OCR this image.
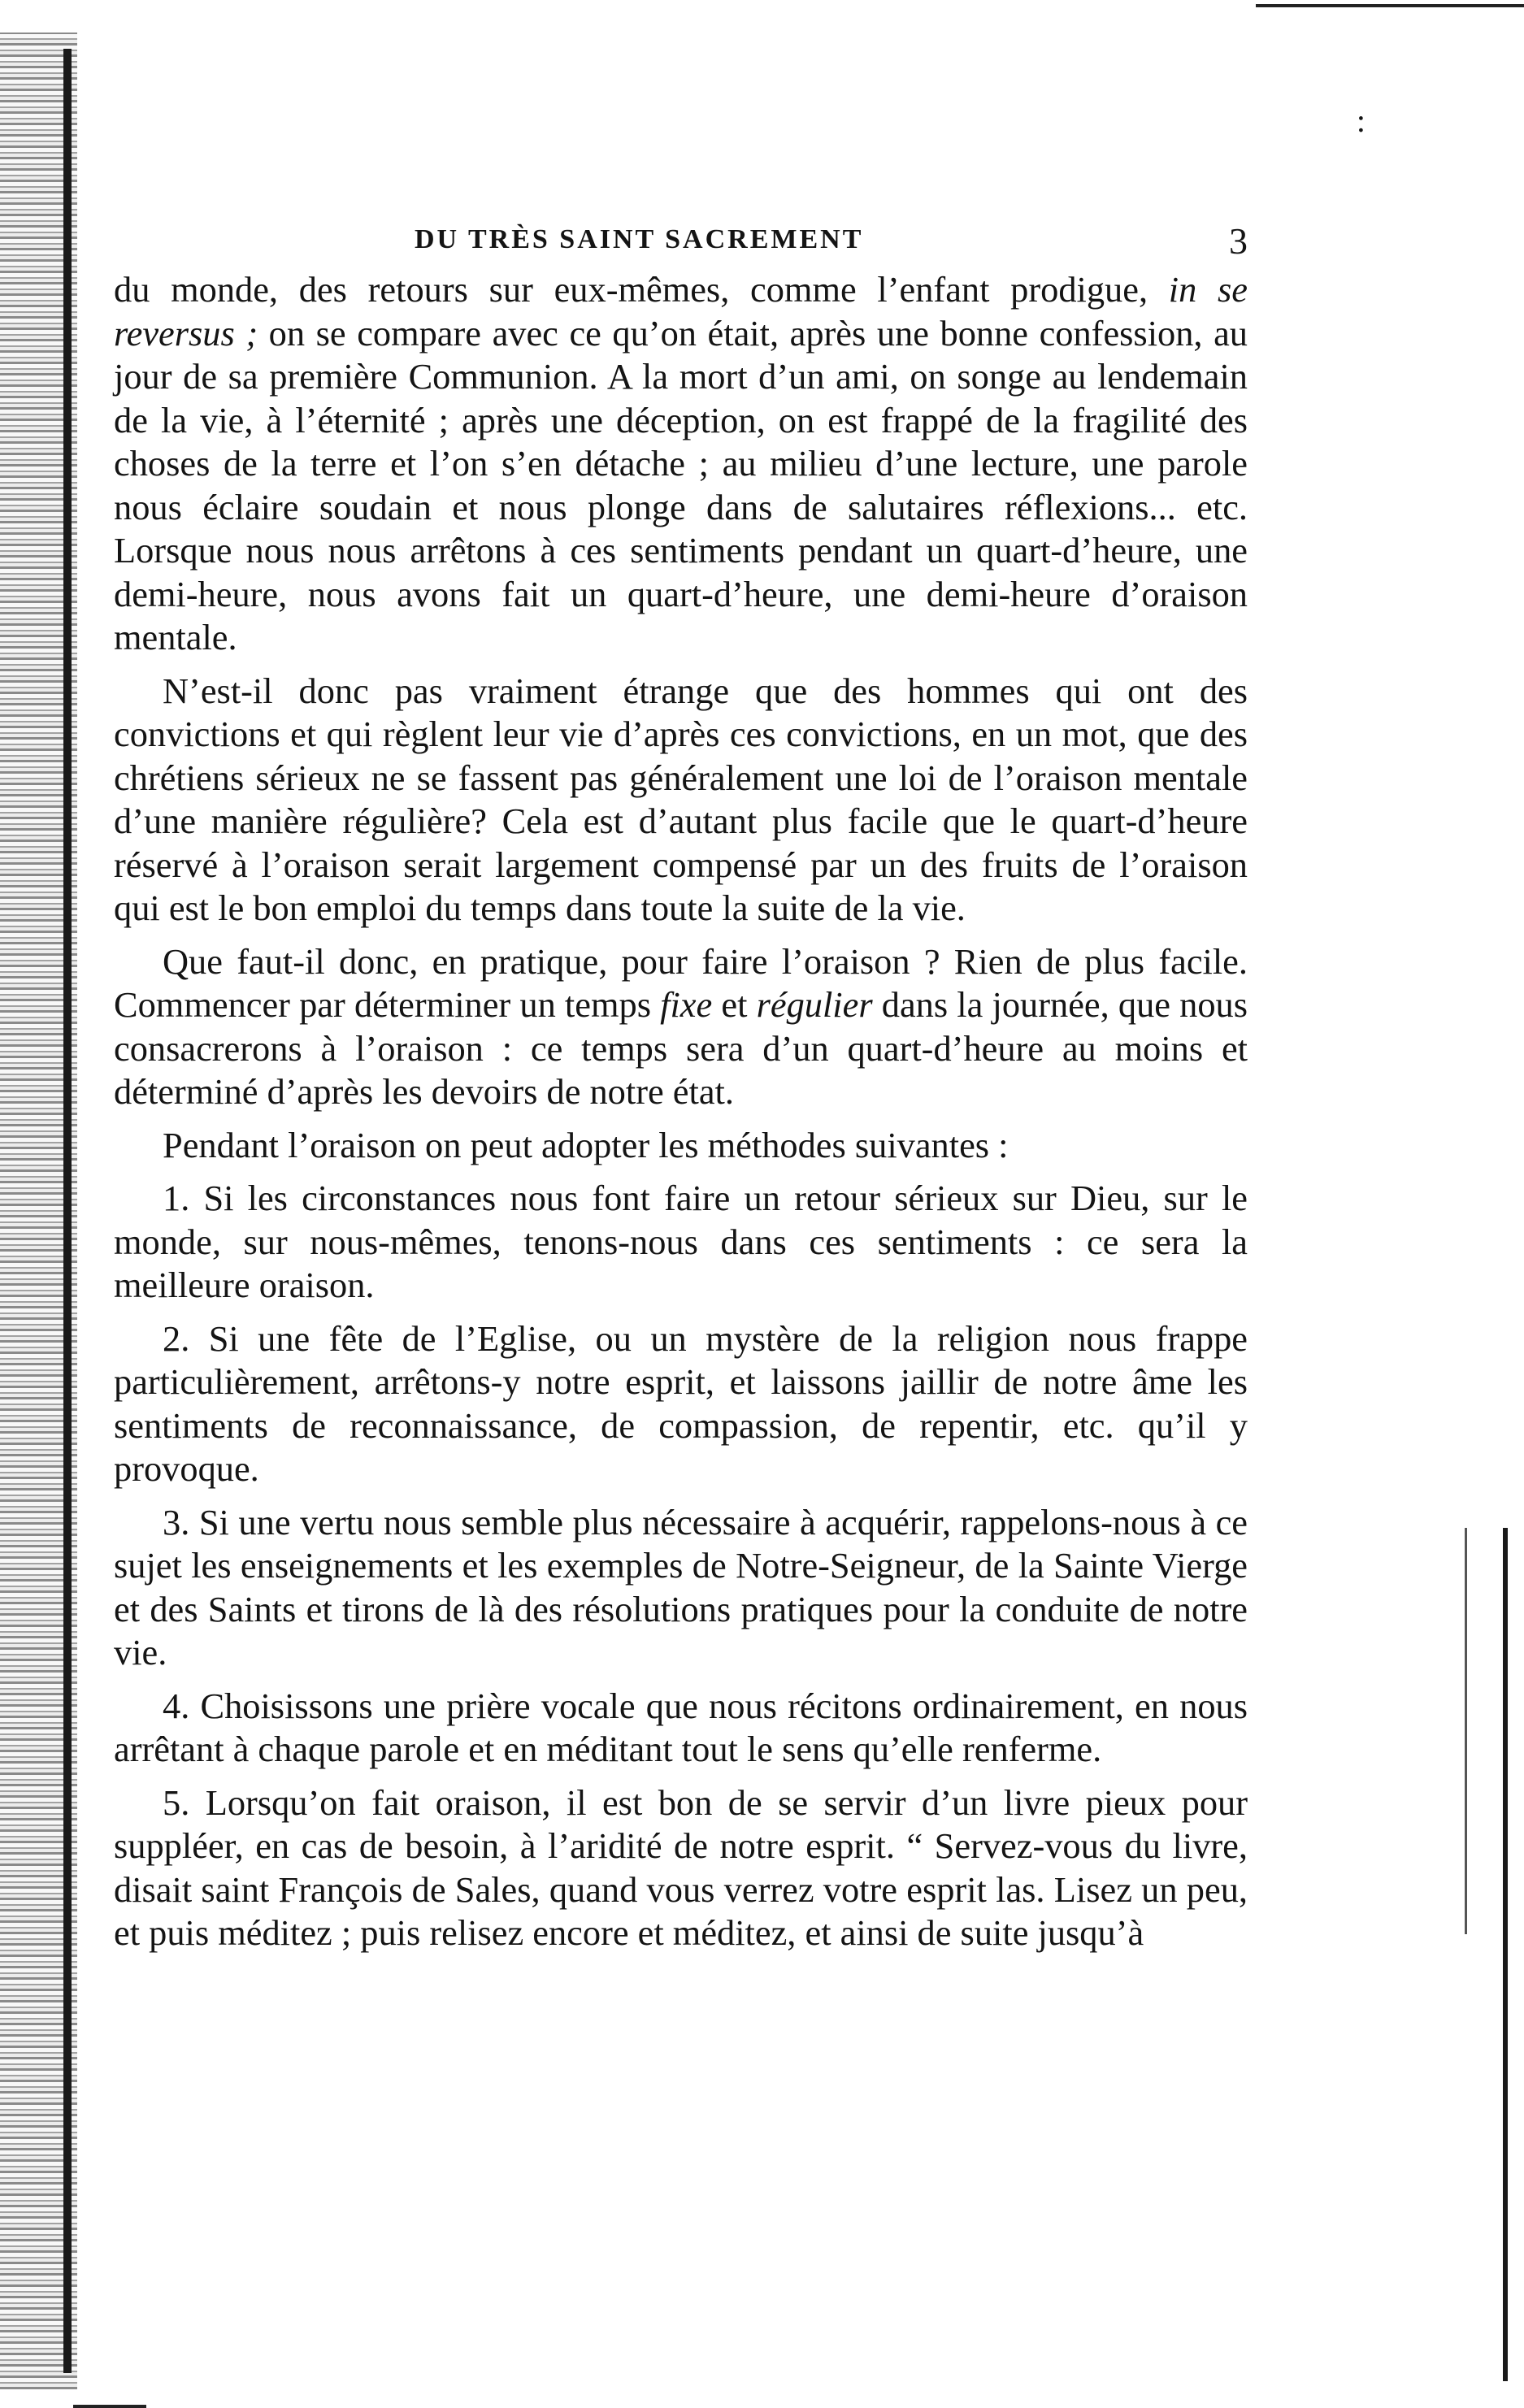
:
DU TRÈS SAINT SACREMENT	3

du monde, des retours sur eux-mêmes, comme l’enfant prodigue, in se reversus ; on se compare avec ce qu’on était, après une bonne confession, au jour de sa première Communion. A la mort d’un ami, on songe au lendemain de la vie, à l’éternité ; après une déception, on est frappé de la fragilité des choses de la terre et l’on s’en détache ; au milieu d’une lecture, une parole nous éclaire soudain et nous plonge dans de salutaires réflexions... etc. Lorsque nous nous arrêtons à ces sentiments pendant un quart-d’heure, une demi-heure, nous avons fait un quart-d’heure, une demi-heure d’oraison mentale.

N’est-il donc pas vraiment étrange que des hommes qui ont des convictions et qui règlent leur vie d’après ces convictions, en un mot, que des chrétiens sérieux ne se fassent pas généralement une loi de l’oraison mentale d’une manière régulière? Cela est d’autant plus facile que le quart-d’heure réservé à l’oraison serait largement compensé par un des fruits de l’oraison qui est le bon emploi du temps dans toute la suite de la vie.

Que faut-il donc, en pratique, pour faire l’oraison ? Rien de plus facile. Commencer par déterminer un temps fixe et régulier dans la journée, que nous consacrerons à l’oraison : ce temps sera d’un quart-d’heure au moins et déterminé d’après les devoirs de notre état.

Pendant l’oraison on peut adopter les méthodes suivantes :

1. Si les circonstances nous font faire un retour sérieux sur Dieu, sur le monde, sur nous-mêmes, tenons-nous dans ces sentiments : ce sera la meilleure oraison.

2. Si une fête de l’Eglise, ou un mystère de la religion nous frappe particulièrement, arrêtons-y notre esprit, et laissons jaillir de notre âme les sentiments de reconnaissance, de compassion, de repentir, etc. qu’il y provoque.

3. Si une vertu nous semble plus nécessaire à acquérir, rappelons-nous à ce sujet les enseignements et les exemples de Notre-Seigneur, de la Sainte Vierge et des Saints et tirons de là des résolutions pratiques pour la conduite de notre vie.

4. Choisissons une prière vocale que nous récitons ordinairement, en nous arrêtant à chaque parole et en méditant tout le sens qu’elle renferme.

5. Lorsqu’on fait oraison, il est bon de se servir d’un livre pieux pour suppléer, en cas de besoin, à l’aridité de notre esprit. “ Servez-vous du livre, disait saint François de Sales, quand vous verrez votre esprit las. Lisez un peu, et puis méditez ; puis relisez encore et méditez, et ainsi de suite jusqu’à
